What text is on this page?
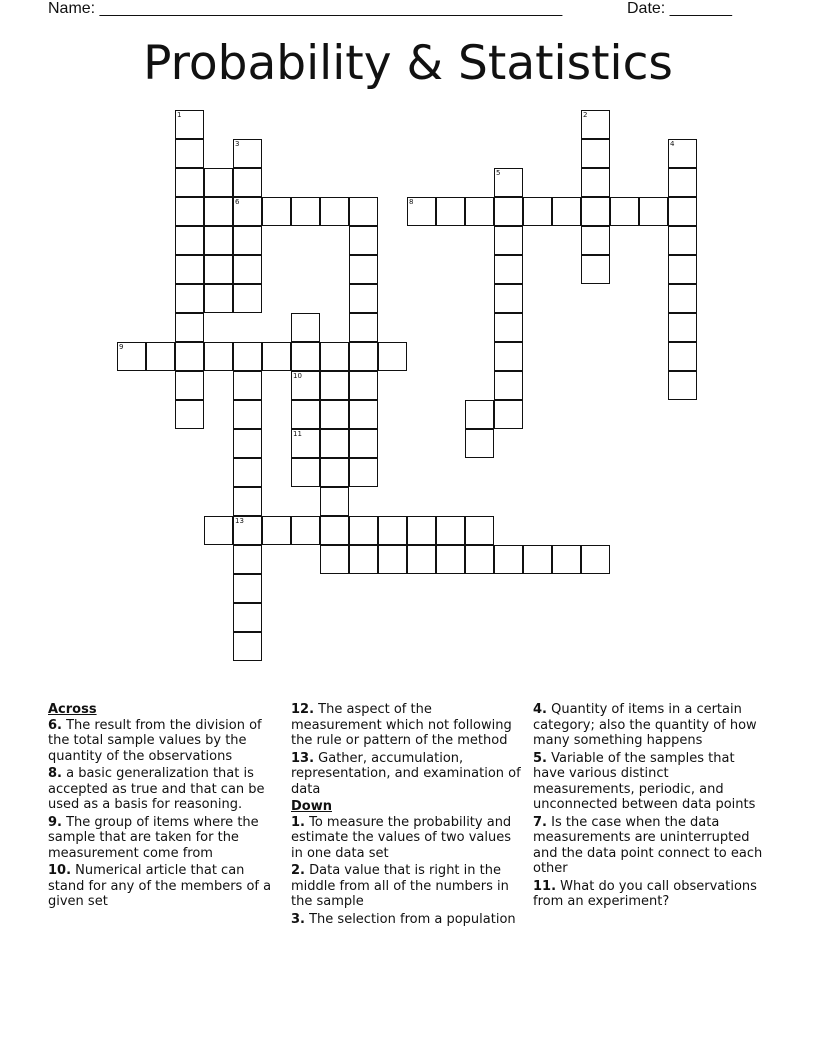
Name: ____________________________________________________	Date: _______
Probability & Statistics
9
1
3
6	8
5
2
4
10
11
13
Across
6. The result from the division of the total sample values by the quantity of the observations
8. a basic generalization that is accepted as true and that can be used as a basis for reasoning.
9. The group of items where the sample that are taken for the measurement come from
10. Numerical article that can stand for any of the members of a given set
12. The aspect of the measurement which not following the rule or pattern of the method
13. Gather, accumulation, representation, and examination of data
Down
1. To measure the probability and estimate the values of two values in one data set
2. Data value that is right in the middle from all of the numbers in the sample
3. The selection from a population
4. Quantity of items in a certain category; also the quantity of how many something happens
5. Variable of the samples that have various distinct measurements, periodic, and unconnected between data points
7. Is the case when the data measurements are uninterrupted and the data point connect to each other
11. What do you call observations from an experiment?
